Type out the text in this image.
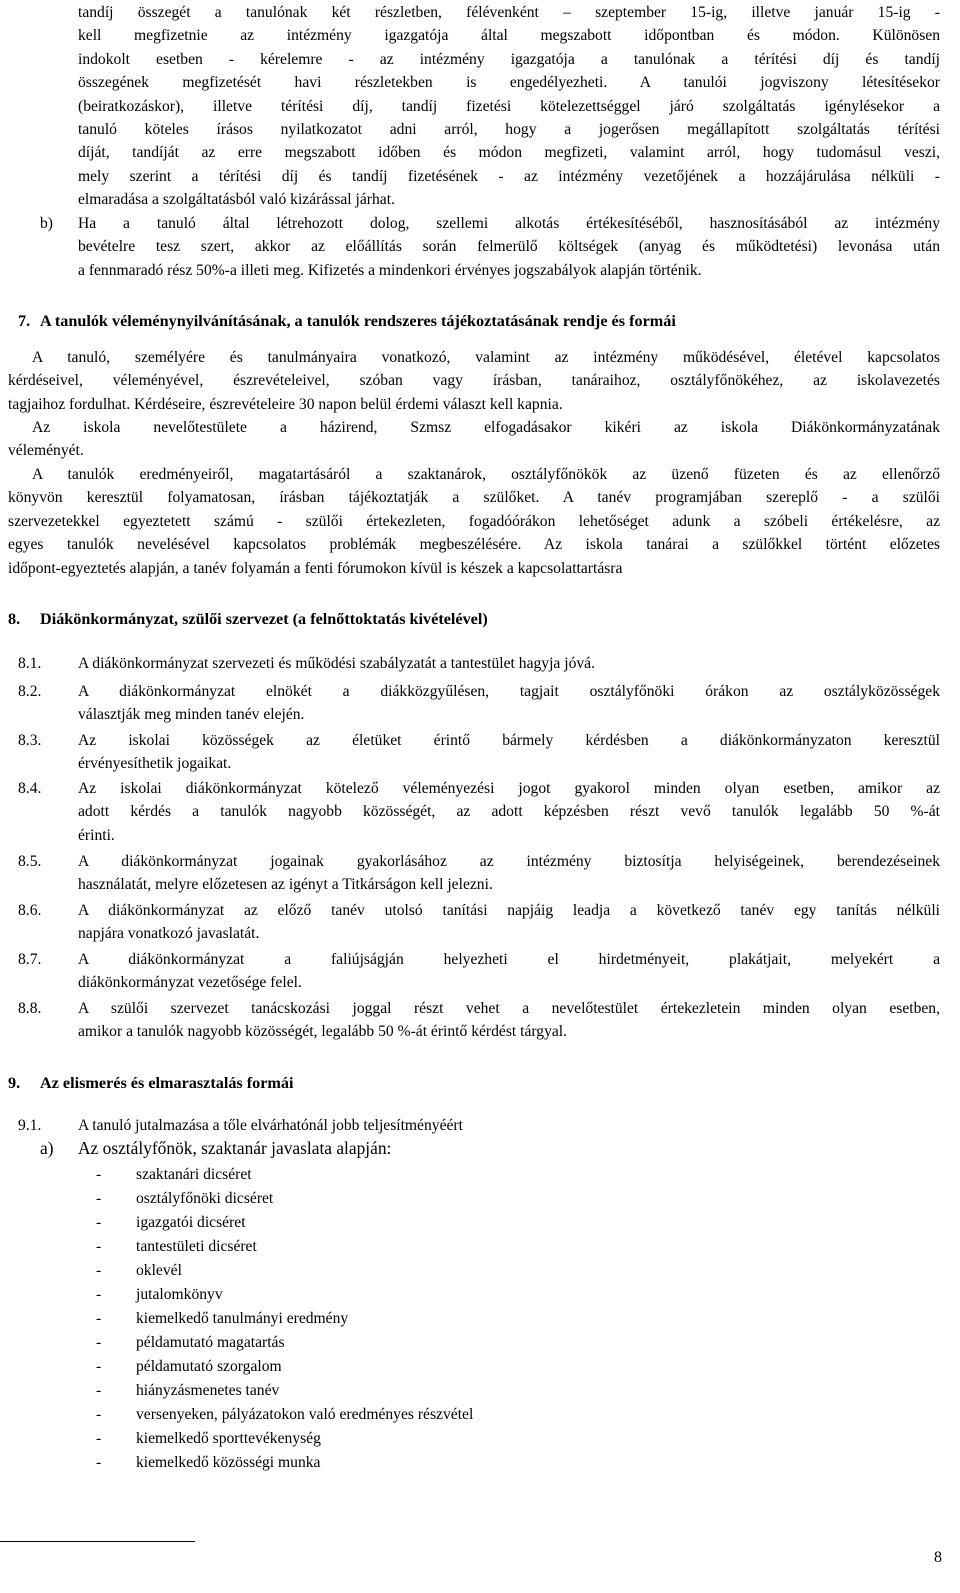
tandíj összegét a tanulónak két részletben, félévenként – szeptember 15-ig, illetve január 15-ig -
kell megfizetnie az intézmény igazgatója által megszabott időpontban és módon. Különösen
indokolt esetben - kérelemre - az intézmény igazgatója a tanulónak a térítési díj és tandíj
összegének megfizetését havi részletekben is engedélyezheti. A tanulói jogviszony létesítésekor
(beiratkozáskor), illetve térítési díj, tandíj fizetési kötelezettséggel járó szolgáltatás igénylésekor a
tanuló köteles írásos nyilatkozatot adni arról, hogy a jogerősen megállapított szolgáltatás térítési
díját, tandíját az erre megszabott időben és módon megfizeti, valamint arról, hogy tudomásul veszi,
mely szerint a térítési díj és tandíj fizetésének - az intézmény vezetőjének a hozzájárulása nélküli -
elmaradása a szolgáltatásból való kizárással járhat.
b) Ha a tanuló által létrehozott dolog, szellemi alkotás értékesítéséből, hasznosításából az intézmény
bevételre tesz szert, akkor az előállítás során felmerülő költségek (anyag és működtetési) levonása után
a fennmaradó rész 50%-a illeti meg. Kifizetés a mindenkori érvényes jogszabályok alapján történik.
7. A tanulók véleménynyilvánításának, a tanulók rendszeres tájékoztatásának rendje és formái
A tanuló, személyére és tanulmányaira vonatkozó, valamint az intézmény működésével, életével kapcsolatos
kérdéseivel, véleményével, észrevételeivel, szóban vagy írásban, tanáraihoz, osztályfőnökéhez, az iskolavezetés
tagjaihoz fordulhat. Kérdéseire, észrevételeire 30 napon belül érdemi választ kell kapnia.
Az iskola nevelőtestülete a házirend, Szmsz elfogadásakor kikéri az iskola Diákönkormányzatának
véleményét.
A tanulók eredményeiről, magatartásáról a szaktanárok, osztályfőnökök az üzenő füzeten és az ellenőrző
könyvön keresztül folyamatosan, írásban tájékoztatják a szülőket. A tanév programjában szereplő - a szülői
szervezetekkel egyeztetett számú - szülői értekezleten, fogadóórákon lehetőséget adunk a szóbeli értékelésre, az
egyes tanulók nevelésével kapcsolatos problémák megbeszélésére. Az iskola tanárai a szülőkkel történt előzetes
időpont-egyeztetés alapján, a tanév folyamán a fenti fórumokon kívül is készek a kapcsolattartásra
8. Diákönkormányzat, szülői szervezet (a felnőttoktatás kivételével)
8.1. A diákönkormányzat szervezeti és működési szabályzatát a tantestület hagyja jóvá.
8.2. A diákönkormányzat elnökét a diákközgyűlésen, tagjait osztályfőnöki órákon az osztályközösségek
választják meg minden tanév elején.
8.3. Az iskolai közösségek az életüket érintő bármely kérdésben a diákönkormányzaton keresztül
érvényesíthetik jogaikat.
8.4. Az iskolai diákönkormányzat kötelező véleményezési jogot gyakorol minden olyan esetben, amikor az
adott kérdés a tanulók nagyobb közösségét, az adott képzésben részt vevő tanulók legalább 50 %-át
érinti.
8.5. A diákönkormányzat jogainak gyakorlásához az intézmény biztosítja helyiségeinek, berendezéseinek
használatát, melyre előzetesen az igényt a Titkárságon kell jelezni.
8.6. A diákönkormányzat az előző tanév utolsó tanítási napjáig leadja a következő tanév egy tanítás nélküli
napjára vonatkozó javaslatát.
8.7. A diákönkormányzat a faliújságján helyezheti el hirdetményeit, plakátjait, melyekért a
diákönkormányzat vezetősége felel.
8.8. A szülői szervezet tanácskozási joggal részt vehet a nevelőtestület értekezletein minden olyan esetben,
amikor a tanulók nagyobb közösségét, legalább 50 %-át érintő kérdést tárgyal.
9. Az elismerés és elmarasztalás formái
9.1. A tanuló jutalmazása a tőle elvárhatónál jobb teljesítményéért
a) Az osztályfőnök, szaktanár javaslata alapján:
- szaktanári dicséret
- osztályfőnöki dicséret
- igazgatói dicséret
- tantestületi dicséret
- oklevél
- jutalomkönyv
- kiemelkedő tanulmányi eredmény
- példamutató magatartás
- példamutató szorgalom
- hiányzásmenetes tanév
- versenyeken, pályázatokon való eredményes részvétel
- kiemelkedő sporttevékenység
- kiemelkedő közösségi munka
8
